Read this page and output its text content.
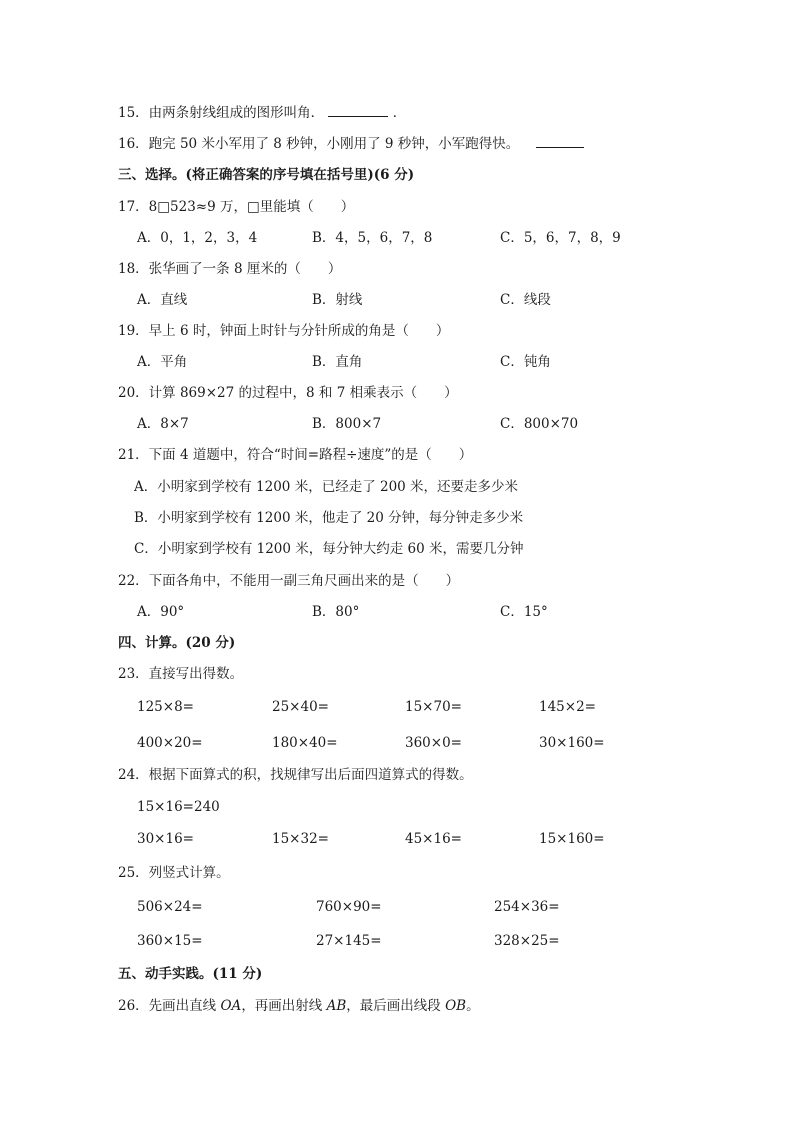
15．由两条射线组成的图形叫角．	．
16．跑完 50 米小军用了 8 秒钟，小刚用了 9 秒钟，小军跑得快。
三、选择。(将正确答案的序号填在括号里)(6 分)
17．8□523≈9 万，□里能填（　　）
A．0，1，2，3，4	B．4，5，6，7，8	C．5，6，7，8，9
18．张华画了一条 8 厘米的（　　）
A．直线	B．射线	C．线段
19．早上 6 时，钟面上时针与分针所成的角是（　　）
A．平角	B．直角	C．钝角
20．计算 869×27 的过程中，8 和 7 相乘表示（　　）
A．8×7	B．800×7	C．800×70
21．下面 4 道题中，符合“时间=路程÷速度”的是（　　）
A．小明家到学校有 1200 米，已经走了 200 米，还要走多少米
B．小明家到学校有 1200 米，他走了 20 分钟，每分钟走多少米
C．小明家到学校有 1200 米，每分钟大约走 60 米，需要几分钟
22．下面各角中，不能用一副三角尺画出来的是（　　）
A．90°	B．80°	C．15°
四、计算。(20 分)
23．直接写出得数。
125×8=	25×40=	15×70=	145×2=
400×20=	180×40=	360×0=	30×160=
24．根据下面算式的积，找规律写出后面四道算式的得数。
15×16=240
30×16=	15×32=	45×16=	15×160=
25．列竖式计算。
506×24=	760×90=	254×36=
360×15=	27×145=	328×25=
五、动手实践。(11 分)
26．先画出直线 OA，再画出射线 AB，最后画出线段 OB。
